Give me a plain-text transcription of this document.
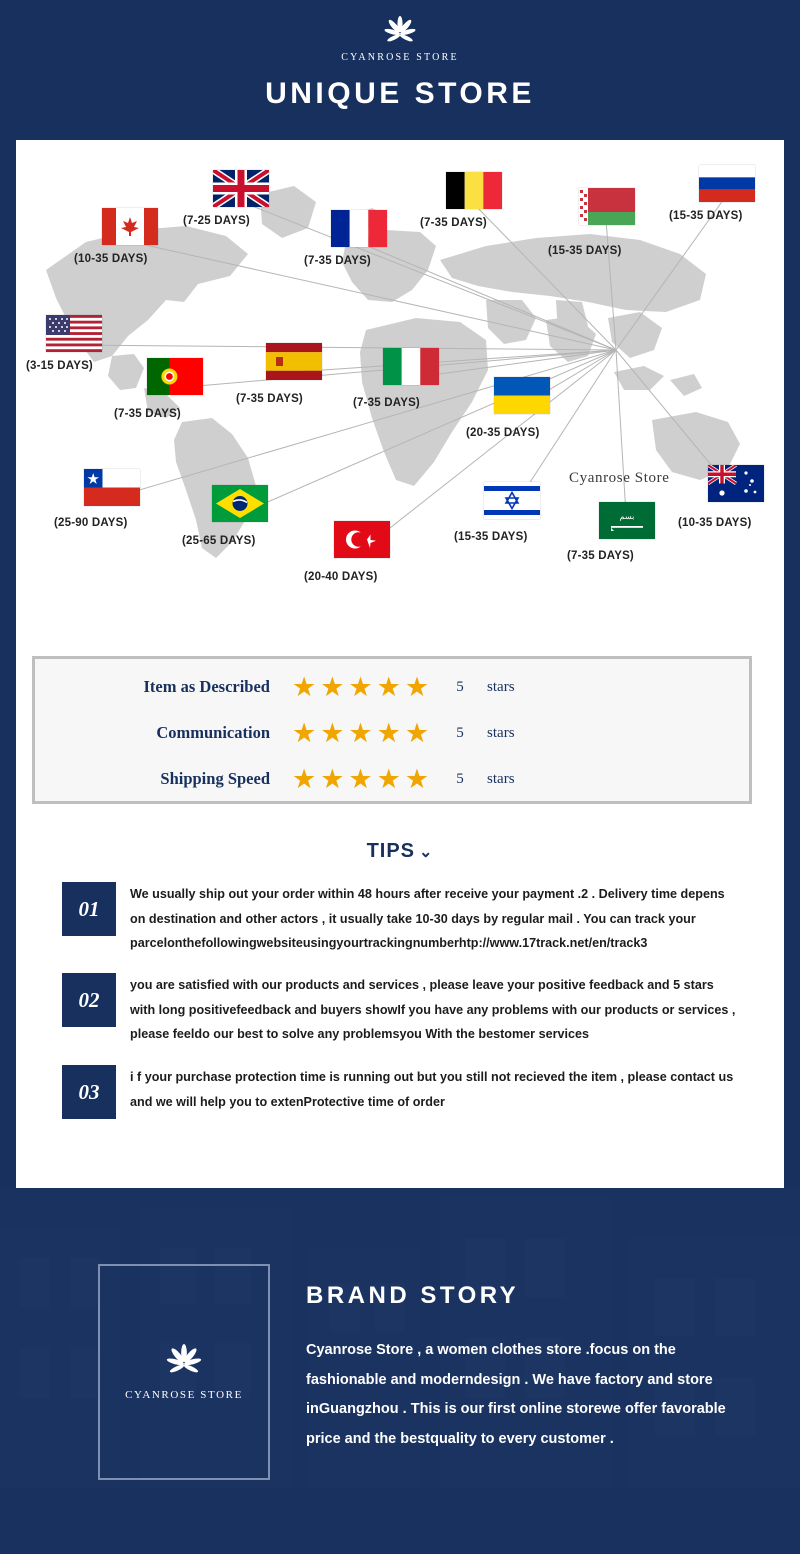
CYANROSE STORE
UNIQUE STORE
Cyanrose Store
(3-15 DAYS)
(10-35 DAYS)
(7-25 DAYS)
(7-35 DAYS)
(7-35 DAYS)
(15-35 DAYS)
(15-35 DAYS)
(7-35 DAYS)
(7-35 DAYS)	(7-35 DAYS)
(20-35 DAYS)
(25-90 DAYS)
(25-65 DAYS)
(20-40 DAYS)
(15-35 DAYS)
بسم
(7-35 DAYS)
(10-35 DAYS)
Item as Described ★★★★★	5	stars
Communication ★★★★★	5	stars
Shipping Speed ★★★★★	5	stars
TIPS ⌄
01
We usually ship out your order within 48 hours after receive your payment .2 . Delivery time depens on destination and other actors , it usually take 10-30 days by regular mail . You can track your parcelonthefollowingwebsiteusingyourtrackingnumberhtp://www.17track.net/en/track3
02
you are satisfied with our products and services , please leave your positive feedback and 5 stars with long positivefeedback and buyers showIf you have any problems with our products or services , please feeldo our best to solve any problemsyou With the bestomer services
03
i f your purchase protection time is running out but you still not recieved the item , please contact us and we will help you to extenProtective time of order
CYANROSE STORE
BRAND STORY
Cyanrose Store , a women clothes store .focus on the fashionable and moderndesign . We have factory and store inGuangzhou . This is our first online storewe offer favorable price and the bestquality to every customer .
